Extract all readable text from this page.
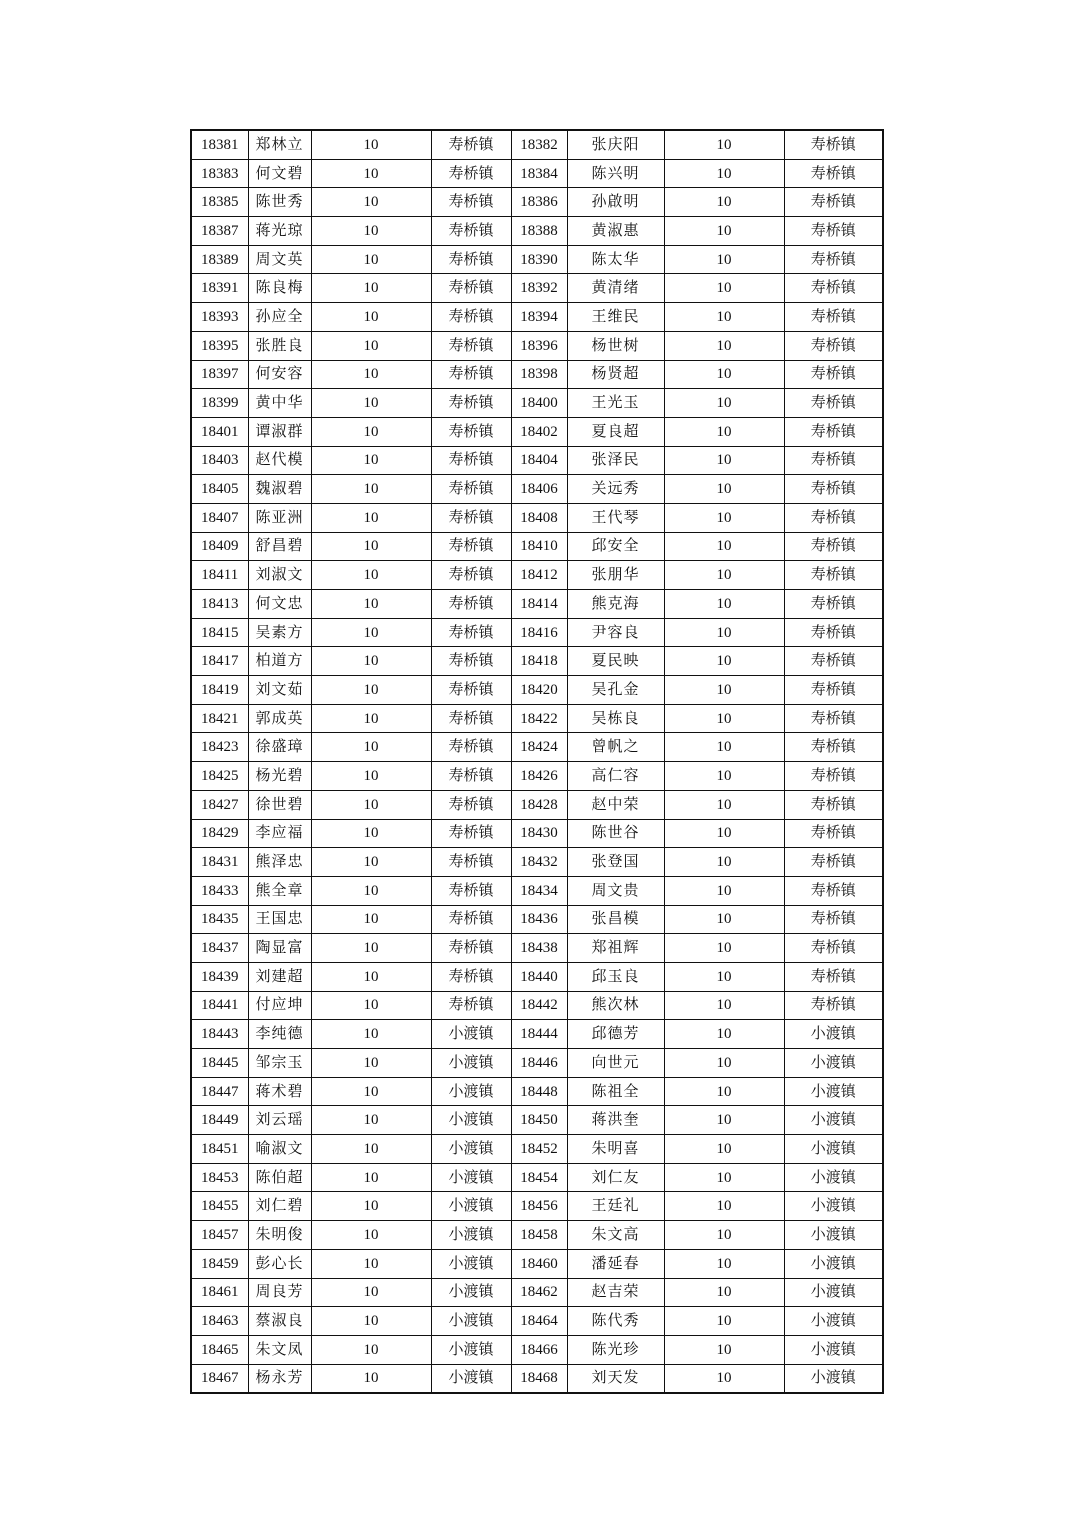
18381	郑林立	10	寿桥镇	18382	张庆阳	10	寿桥镇
18383	何文碧	10	寿桥镇	18384	陈兴明	10	寿桥镇
18385	陈世秀	10	寿桥镇	18386	孙啟明	10	寿桥镇
18387	蒋光琼	10	寿桥镇	18388	黄淑惠	10	寿桥镇
18389	周文英	10	寿桥镇	18390	陈太华	10	寿桥镇
18391	陈良梅	10	寿桥镇	18392	黄清绪	10	寿桥镇
18393	孙应全	10	寿桥镇	18394	王维民	10	寿桥镇
18395	张胜良	10	寿桥镇	18396	杨世树	10	寿桥镇
18397	何安容	10	寿桥镇	18398	杨贤超	10	寿桥镇
18399	黄中华	10	寿桥镇	18400	王光玉	10	寿桥镇
18401	谭淑群	10	寿桥镇	18402	夏良超	10	寿桥镇
18403	赵代模	10	寿桥镇	18404	张泽民	10	寿桥镇
18405	魏淑碧	10	寿桥镇	18406	关远秀	10	寿桥镇
18407	陈亚洲	10	寿桥镇	18408	王代琴	10	寿桥镇
18409	舒昌碧	10	寿桥镇	18410	邱安全	10	寿桥镇
18411	刘淑文	10	寿桥镇	18412	张朋华	10	寿桥镇
18413	何文忠	10	寿桥镇	18414	熊克海	10	寿桥镇
18415	吴素方	10	寿桥镇	18416	尹容良	10	寿桥镇
18417	柏道方	10	寿桥镇	18418	夏民映	10	寿桥镇
18419	刘文茹	10	寿桥镇	18420	吴孔金	10	寿桥镇
18421	郭成英	10	寿桥镇	18422	吴栋良	10	寿桥镇
18423	徐盛璋	10	寿桥镇	18424	曾帆之	10	寿桥镇
18425	杨光碧	10	寿桥镇	18426	高仁容	10	寿桥镇
18427	徐世碧	10	寿桥镇	18428	赵中荣	10	寿桥镇
18429	李应福	10	寿桥镇	18430	陈世谷	10	寿桥镇
18431	熊泽忠	10	寿桥镇	18432	张登国	10	寿桥镇
18433	熊全章	10	寿桥镇	18434	周文贵	10	寿桥镇
18435	王国忠	10	寿桥镇	18436	张昌模	10	寿桥镇
18437	陶显富	10	寿桥镇	18438	郑祖辉	10	寿桥镇
18439	刘建超	10	寿桥镇	18440	邱玉良	10	寿桥镇
18441	付应坤	10	寿桥镇	18442	熊次林	10	寿桥镇
18443	李纯德	10	小渡镇	18444	邱德芳	10	小渡镇
18445	邹宗玉	10	小渡镇	18446	向世元	10	小渡镇
18447	蒋术碧	10	小渡镇	18448	陈祖全	10	小渡镇
18449	刘云瑶	10	小渡镇	18450	蒋洪奎	10	小渡镇
18451	喻淑文	10	小渡镇	18452	朱明喜	10	小渡镇
18453	陈伯超	10	小渡镇	18454	刘仁友	10	小渡镇
18455	刘仁碧	10	小渡镇	18456	王廷礼	10	小渡镇
18457	朱明俊	10	小渡镇	18458	朱文高	10	小渡镇
18459	彭心长	10	小渡镇	18460	潘延春	10	小渡镇
18461	周良芳	10	小渡镇	18462	赵吉荣	10	小渡镇
18463	蔡淑良	10	小渡镇	18464	陈代秀	10	小渡镇
18465	朱文凤	10	小渡镇	18466	陈光珍	10	小渡镇
18467	杨永芳	10	小渡镇	18468	刘天发	10	小渡镇
